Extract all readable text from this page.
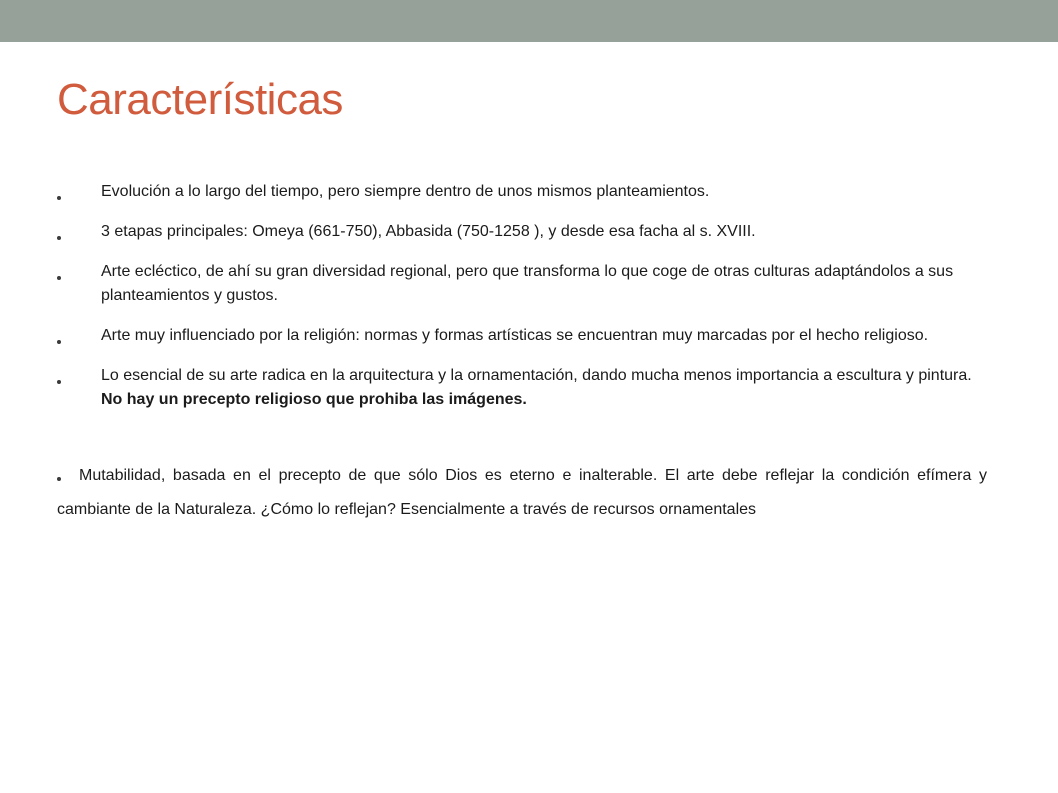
Características
Evolución a lo largo del tiempo, pero siempre dentro de unos mismos planteamientos.
3 etapas principales: Omeya (661-750), Abbasida (750-1258 ), y desde esa facha al s. XVIII.
Arte ecléctico, de ahí su gran diversidad regional, pero que transforma lo que coge de otras culturas adaptándolos a sus planteamientos y gustos.
Arte muy influenciado por la religión: normas y formas artísticas se encuentran muy marcadas por el hecho religioso.
Lo esencial de su arte radica en la arquitectura y la ornamentación, dando mucha menos importancia a escultura y pintura. No hay un precepto religioso que prohiba las imágenes.

Mutabilidad, basada en el precepto de que sólo Dios es eterno e inalterable. El arte debe reflejar la condición efímera y cambiante de la Naturaleza. ¿Cómo lo reflejan? Esencialmente a través de recursos ornamentales
